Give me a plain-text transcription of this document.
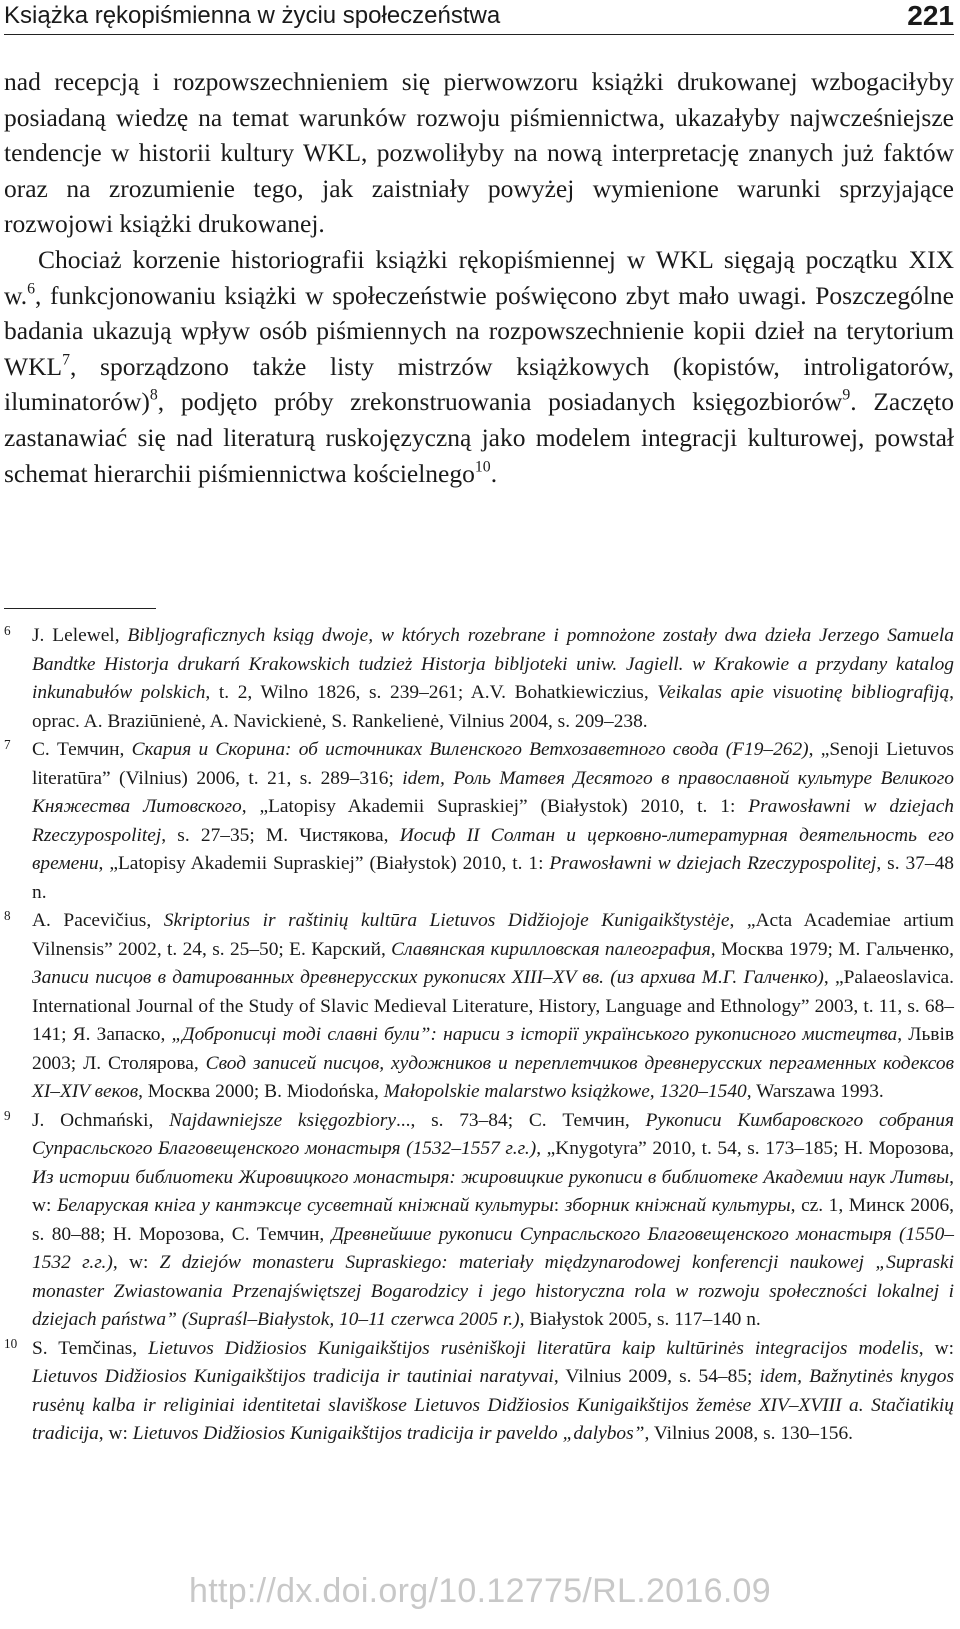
Książka rękopiśmienna w życiu społeczeństwa	221

nad recepcją i rozpowszechnieniem się pierwowzoru książki drukowanej wzbogaciłyby posiadaną wiedzę na temat warunków rozwoju piśmiennictwa, ukazałyby najwcześniejsze tendencje w historii kultury WKL, pozwoliłyby na nową interpretację znanych już faktów oraz na zrozumienie tego, jak zaistniały powyżej wymienione warunki sprzyjające rozwojowi książki drukowanej.

Chociaż korzenie historiografii książki rękopiśmiennej w WKL sięgają początku XIX w.$^6$, funkcjonowaniu książki w społeczeństwie poświęcono zbyt mało uwagi. Poszczególne badania ukazują wpływ osób piśmiennych na rozpowszechnienie kopii dzieł na terytorium WKL$^7$, sporządzono także listy mistrzów książkowych (kopistów, introligatorów, iluminatorów)$^8$, podjęto próby zrekonstruowania posiadanych księgozbiorów$^9$. Zaczęto zastanawiać się nad literaturą ruskojęzyczną jako modelem integracji kulturowej, powstał schemat hierarchii piśmiennictwa kościelnego$^{10}$.

6 J. Lelewel, Bibljograficznych ksiąg dwoje, w których rozebrane i pomnożone zostały dwa dzieła Jerzego Samuela Bandtke Historja drukarń Krakowskich tudzież Historja bibljoteki uniw. Jagiell. w Krakowie a przydany katalog inkunabułów polskich, t. 2, Wilno 1826, s. 239–261; A.V. Bohatkiewiczius, Veikalas apie visuotinę bibliografiją, oprac. A. Braziūnienė, A. Navickienė, S. Rankelienė, Vilnius 2004, s. 209–238.

7 С. Темчин, Скария и Скорина: об источниках Виленского Ветхозаветного свода (F19–262), „Senoji Lietuvos literatūra” (Vilnius) 2006, t. 21, s. 289–316; idem, Роль Матвея Десятого в православной культуре Великого Княжества Литовского, „Latopisy Akademii Supraskiej” (Białystok) 2010, t. 1: Prawosławni w dziejach Rzeczypospolitej, s. 27–35; М. Чистякова, Иосиф II Солтан и церковно-литературная деятельность его времени, „Latopisy Akademii Supraskiej” (Białystok) 2010, t. 1: Prawosławni w dziejach Rzeczypospolitej, s. 37–48 n.

8 A. Pacevičius, Skriptorius ir raštinių kultūra Lietuvos Didžiojoje Kunigaikštystėje, „Acta Academiae artium Vilnensis” 2002, t. 24, s. 25–50; Е. Карский, Славянская кирилловская палеография, Москва 1979; М. Гальченко, Записи писцов в датированных древнерусских рукописях XIII–XV вв. (из архива М.Г. Галченко), „Palaeoslavica. International Journal of the Study of Slavic Medieval Literature, History, Language and Ethnology” 2003, t. 11, s. 68–141; Я. Запаско, „Доброписці тоді славні були”: нариси з історії українського рукописного мистецтва, Львів 2003; Л. Столярова, Свод записей писцов, художников и переплетчиков древнерусских пергаменных кодексов XI–XIV веков, Москва 2000; B. Miodońska, Małopolskie malarstwo książkowe, 1320–1540, Warszawa 1993.

9 J. Ochmański, Najdawniejsze księgozbiory..., s. 73–84; С. Темчин, Рукописи Кимбаровского собрания Супрасльского Благовещенского монастыря (1532–1557 г.г.), „Knygotyra” 2010, t. 54, s. 173–185; Н. Морозова, Из истории библиотеки Жировицкого монастыря: жировицкие рукописи в библиотеке Академии наук Литвы, w: Беларуская кніга у кантэксце сусветнай кніжнай культуры: зборник кніжнай культуры, cz. 1, Минск 2006, s. 80–88; Н. Морозова, С. Темчин, Древнейшие рукописи Супрасльского Благовещенского монастыря (1550–1532 г.г.), w: Z dziejów monasteru Supraskiego: materiały międzynarodowej konferencji naukowej „Supraski monaster Zwiastowania Przenajświętszej Bogarodzicy i jego historyczna rola w rozwoju społeczności lokalnej i dziejach państwa” (Supraśl–Białystok, 10–11 czerwca 2005 r.), Białystok 2005, s. 117–140 n.

10 S. Temčinas, Lietuvos Didžiosios Kunigaikštijos rusėniškoji literatūra kaip kultūrinės integracijos modelis, w: Lietuvos Didžiosios Kunigaikštijos tradicija ir tautiniai naratyvai, Vilnius 2009, s. 54–85; idem, Bažnytinės knygos rusėnų kalba ir religiniai identitetai slaviškose Lietuvos Didžiosios Kunigaikštijos žemėse XIV–XVIII a. Stačiatikių tradicija, w: Lietuvos Didžiosios Kunigaikštijos tradicija ir paveldo „dalybos”, Vilnius 2008, s. 130–156.

http://dx.doi.org/10.12775/RL.2016.09
